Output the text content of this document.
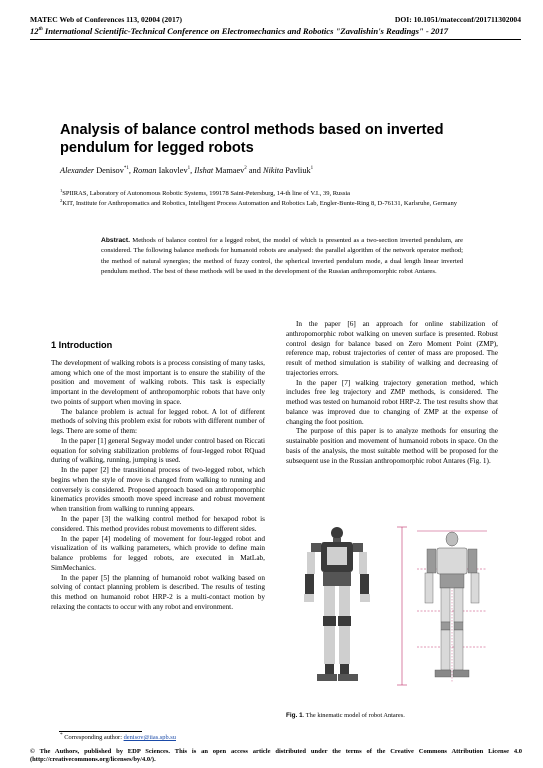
MATEC Web of Conferences 113, 02004 (2017)	DOI: 10.1051/matecconf/201711302004
12th International Scientific-Technical Conference on Electromechanics and Robotics "Zavalishin's Readings" - 2017
Analysis of balance control methods based on inverted pendulum for legged robots
Alexander Denisov$^{*1}$, Roman Iakovlev$^1$, Ilshat Mamaev$^2$ and Nikita Pavliuk$^1$
$^1$SPIIRAS, Laboratory of Autonomous Robotic Systems, 199178 Saint-Petersburg, 14-th line of V.I., 39, Russia
$^2$KIT, Institute for Anthropomatics and Robotics, Intelligent Process Automation and Robotics Lab, Engler-Bunte-Ring 8, D-76131, Karlsruhe, Germany
Abstract. Methods of balance control for a legged robot, the model of which is presented as a two-section inverted pendulum, are considered. The following balance methods for humanoid robots are analysed: the parallel algorithm of the network operator method; the method of natural synergies; the method of fuzzy control, the spherical inverted pendulum mode, a dual length linear inverted pendulum method. The best of these methods will be used in the development of the Russian anthropomorphic robot Antares.
1 Introduction

The development of walking robots is a process consisting of many tasks, among which one of the most important is to ensure the stability of the position and movement of walking robots. This task is especially important in the development of anthropomorphic robots that have only two points of support when moving in space.

The balance problem is actual for legged robot. A lot of different methods of solving this problem exist for robots with different number of legs. There are some of them:

In the paper [1] general Segway model under control based on Riccati equation for solving stabilization problems of four-legged robot RQuad during of walking, running, jumping is used.

In the paper [2] the transitional process of two-legged robot, which begins when the style of move is changed from walking to running and conversely is considered. Proposed approach based on anthropomorphic kinematics provides smooth move speed increase and robust movement when transition from walking to running appears.

In the paper [3] the walking control method for hexapod robot is considered. This method provides robust movements to different sides.

In the paper [4] modeling of movement for four-legged robot and visualization of its walking parameters, which provide to define main balance problems for legged robots, are executed in MatLab, SimMechanics.

In the paper [5] the planning of humanoid robot walking based on solving of contact planning problem is described. The results of testing this method on humanoid robot HRP-2 is a multi-contact motion by relaxing the contacts to occur with any robot and environment.

In the paper [6] an approach for online stabilization of anthropomorphic robot walking on uneven surface is presented. Robust control design for balance based on Zero Moment Point (ZMP), reference map, robust trajectories of center of mass are proposed. The result of method simulation is stability of walking and decreasing of trajectories errors.

In the paper [7] walking trajectory generation method, which includes free leg trajectory and ZMP methods, is considered. The method was tested on humanoid robot HRP-2. The test results show that balance was improved due to changing of ZMP at the expense of changing the foot position.

The purpose of this paper is to analyze methods for ensuring the sustainable position and movement of humanoid robots in space. On the basis of the analysis, the most suitable method will be proposed for the subsequent use in the Russian anthropomorphic robot Antares (Fig. 1).

Fig. 1. The kinematic model of robot Antares.
* Corresponding author: denisov@iias.spb.su
© The Authors, published by EDP Sciences. This is an open access article distributed under the terms of the Creative Commons Attribution License 4.0 (http://creativecommons.org/licenses/by/4.0/).
